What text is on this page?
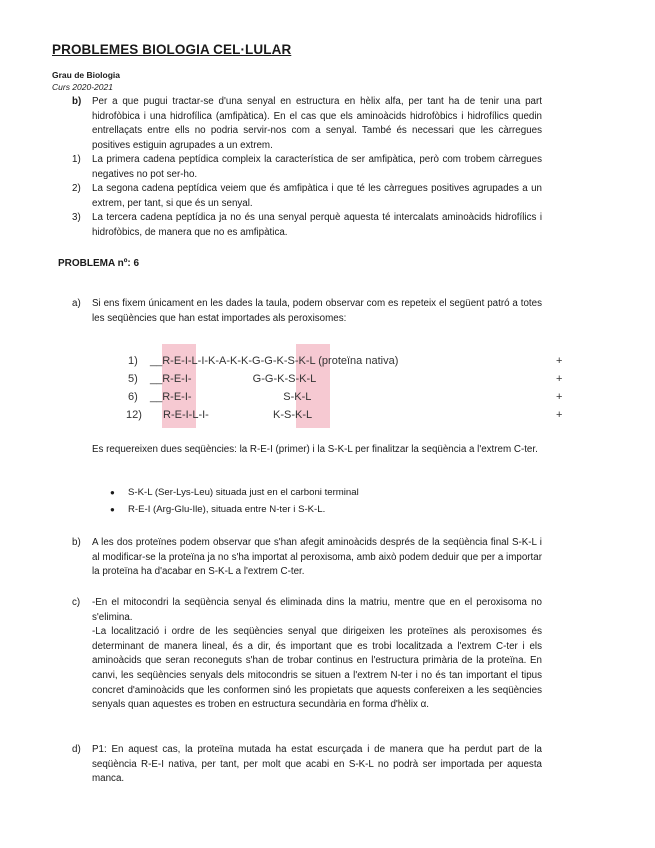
PROBLEMES BIOLOGIA CEL·LULAR
Grau de Biologia
Curs 2020-2021
b)	Per a que pugui tractar-se d'una senyal en estructura en hèlix alfa, per tant ha de tenir una part hidrofòbica i una hidrofílica (amfipàtica). En el cas que els aminoàcids hidrofòbics i hidrofílics quedin entrellaçats entre ells no podria servir-nos com a senyal. També és necessari que les càrregues positives estiguin agrupades a un extrem.
1)	La primera cadena peptídica compleix la característica de ser amfipàtica, però com trobem càrregues negatives no pot ser-ho.
2)	La segona cadena peptídica veiem que és amfipàtica i que té les càrregues positives agrupades a un extrem, per tant, si que és un senyal.
3)	La tercera cadena peptídica ja no és una senyal perquè aquesta té intercalats aminoàcids hidrofílics i hidrofòbics, de manera que no es amfipàtica.
PROBLEMA nº: 6
a)	Si ens fixem únicament en les dades la taula, podem observar com es repeteix el següent patró a totes les seqüències que han estat importades als peroxisomes:
1) __R-E-I-L-I-K-A-K-K-G-G-K-S-K-L (proteïna nativa)	+
5) __R-E-I-                    G-G-K-S-K-L	+
6) __R-E-I-                              S-K-L	+
12) R-E-I-L-I-                     K-S-K-L	+
Es requereixen dues seqüències: la R-E-I (primer) i la S-K-L per finalitzar la seqüència a l'extrem C-ter.
● S-K-L (Ser-Lys-Leu) situada just en el carboni terminal
● R-E-I (Arg-Glu-Ile), situada entre N-ter i S-K-L.
b)	A les dos proteïnes podem observar que s'han afegit aminoàcids després de la seqüència final S-K-L i al modificar-se la proteïna ja no s'ha importat al peroxisoma, amb això podem deduir que per a importar la proteïna ha d'acabar en S-K-L a l'extrem C-ter.
c)	-En el mitocondri la seqüència senyal és eliminada dins la matriu, mentre que en el peroxisoma no s'elimina.
-La localització i ordre de les seqüències senyal que dirigeixen les proteïnes als peroxisomes és determinant de manera lineal, és a dir, és important que es trobi localitzada a l'extrem C-ter i els aminoàcids que seran reconeguts s'han de trobar continus en l'estructura primària de la proteïna. En canvi, les seqüències senyals dels mitocondris se situen a l'extrem N-ter i no és tan important el tipus concret d'aminoàcids que les conformen sinó les propietats que aquests confereixen a les seqüències senyals quan aquestes es troben en estructura secundària en forma d'hèlix α.
d)	P1: En aquest cas, la proteïna mutada ha estat escurçada i de manera que ha perdut part de la seqüència R-E-I nativa, per tant, per molt que acabi en S-K-L no podrà ser importada per aquesta manca.
